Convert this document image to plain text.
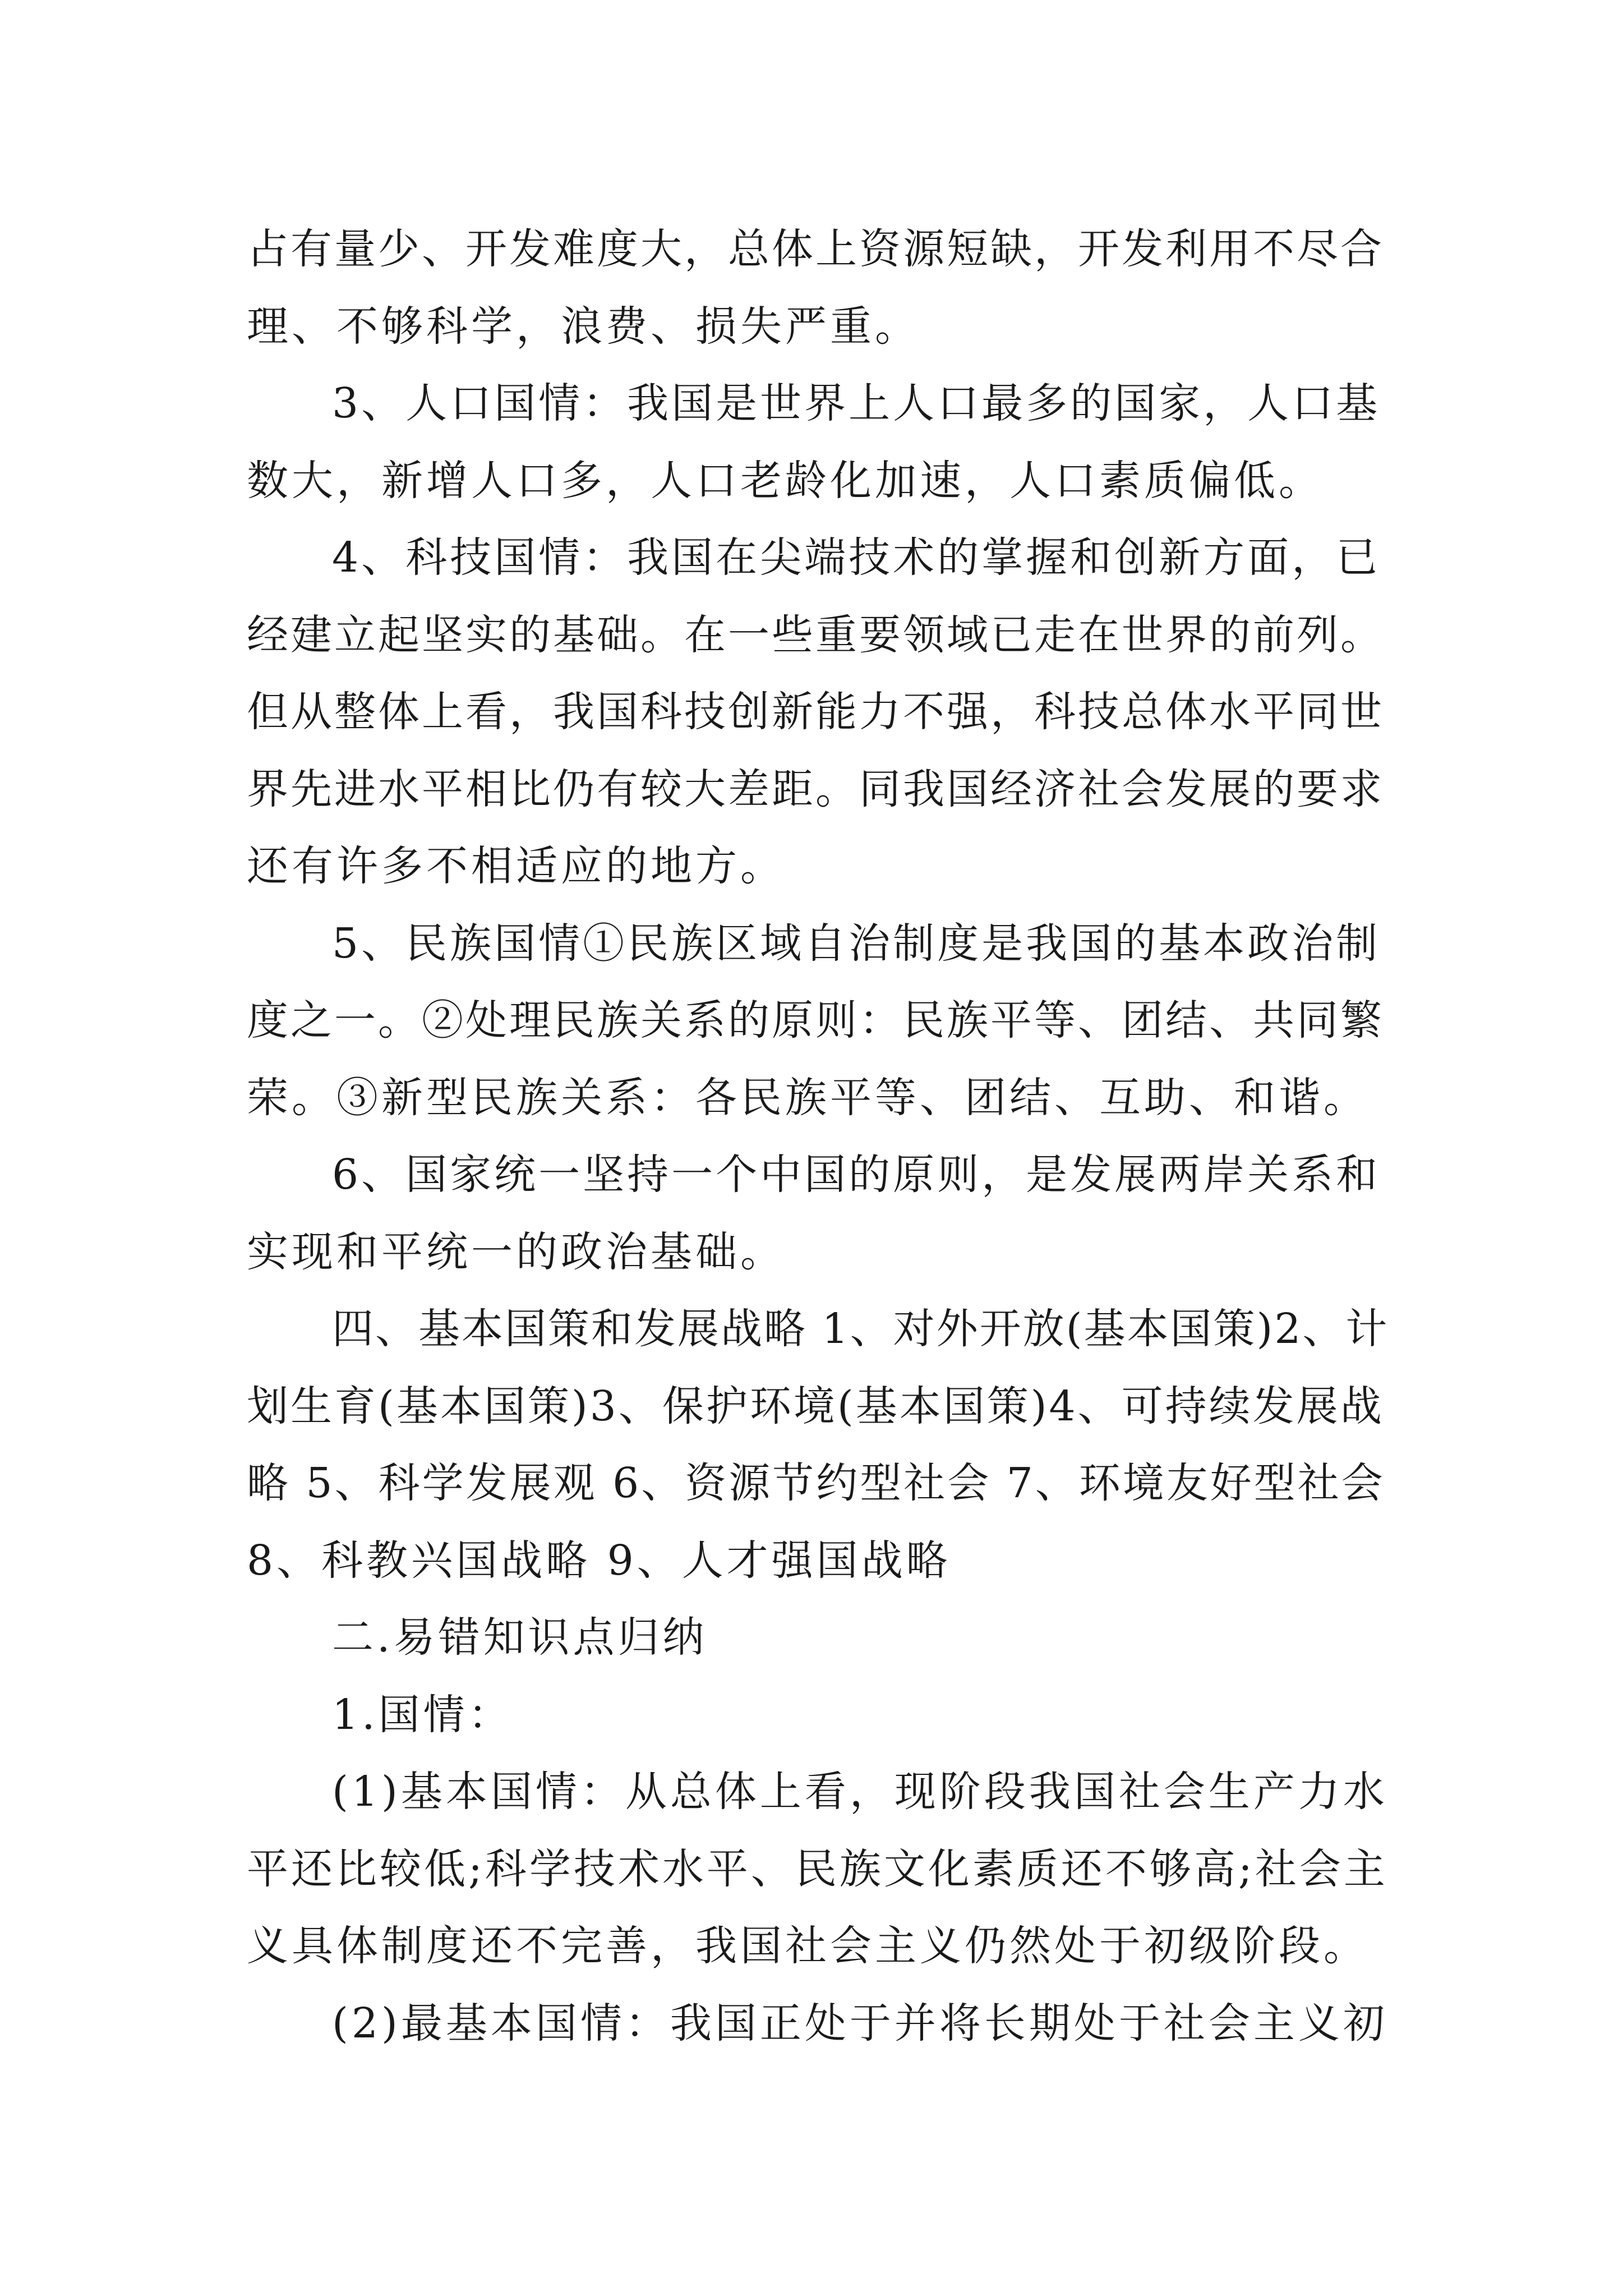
占有量少、开发难度大，总体上资源短缺，开发利用不尽合
理、不够科学，浪费、损失严重。
3、人口国情：我国是世界上人口最多的国家，人口基
数大，新增人口多，人口老龄化加速，人口素质偏低。
4、科技国情：我国在尖端技术的掌握和创新方面，已
经建立起坚实的基础。在一些重要领域已走在世界的前列。
但从整体上看，我国科技创新能力不强，科技总体水平同世
界先进水平相比仍有较大差距。同我国经济社会发展的要求
还有许多不相适应的地方。
5、民族国情①民族区域自治制度是我国的基本政治制
度之一。②处理民族关系的原则：民族平等、团结、共同繁
荣。③新型民族关系：各民族平等、团结、互助、和谐。
6、国家统一坚持一个中国的原则，是发展两岸关系和
实现和平统一的政治基础。
四、基本国策和发展战略 1、对外开放(基本国策)2、计
划生育(基本国策)3、保护环境(基本国策)4、可持续发展战
略 5、科学发展观 6、资源节约型社会 7、环境友好型社会
8、科教兴国战略 9、人才强国战略
二.易错知识点归纳
1.国情：
(1)基本国情：从总体上看，现阶段我国社会生产力水
平还比较低;科学技术水平、民族文化素质还不够高;社会主
义具体制度还不完善，我国社会主义仍然处于初级阶段。
(2)最基本国情：我国正处于并将长期处于社会主义初
